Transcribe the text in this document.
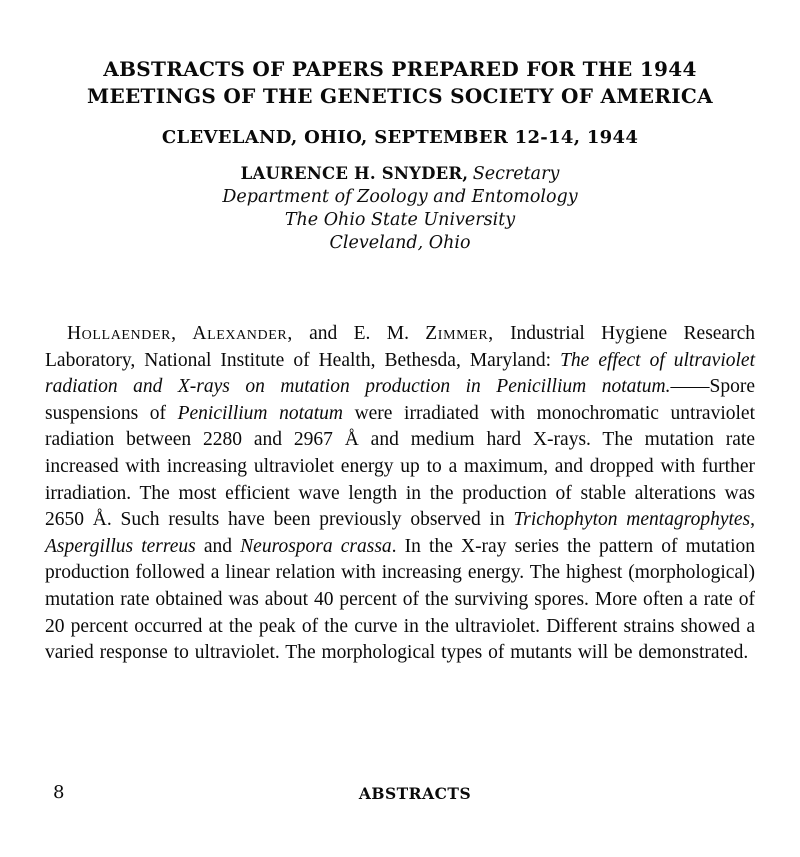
ABSTRACTS OF PAPERS PREPARED FOR THE 1944
MEETINGS OF THE GENETICS SOCIETY OF AMERICA
CLEVELAND, OHIO, SEPTEMBER 12-14, 1944
LAURENCE H. SNYDER, Secretary
Department of Zoology and Entomology
The Ohio State University
Cleveland, Ohio

Hollaender, Alexander, and E. M. Zimmer, Industrial Hygiene Research Laboratory, National Institute of Health, Bethesda, Maryland: The effect of ultraviolet radiation and X-rays on mutation production in Penicillium notatum.——Spore suspensions of Penicillium notatum were irradiated with monochromatic untraviolet radiation between 2280 and 2967 Å and medium hard X-rays. The mutation rate increased with increasing ultraviolet energy up to a maximum, and dropped with further irradiation. The most efficient wave length in the production of stable alterations was 2650 Å. Such results have been previously observed in Trichophyton mentagrophytes, Aspergillus terreus and Neurospora crassa. In the X-ray series the pattern of mutation production followed a linear relation with increasing energy. The highest (morphological) mutation rate obtained was about 40 percent of the surviving spores. More often a rate of 20 percent occurred at the peak of the curve in the ultraviolet. Different strains showed a varied response to ultraviolet. The morphological types of mutants will be demonstrated.

8	ABSTRACTS
